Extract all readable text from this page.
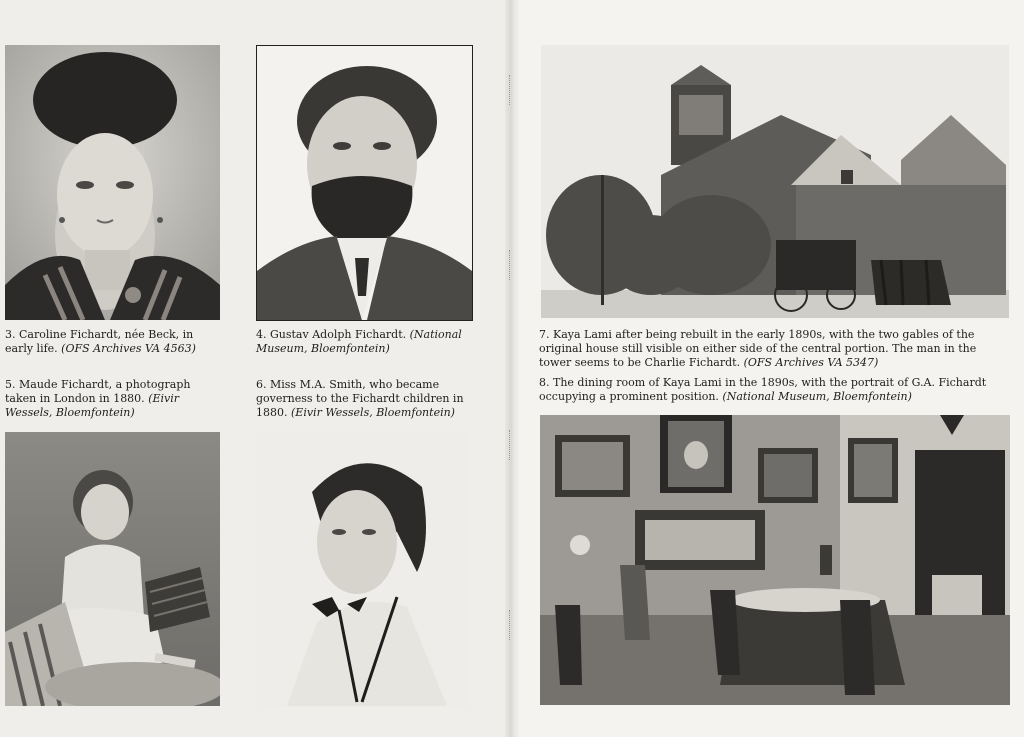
3. Caroline Fichardt, née Beck, in early life. (OFS Archives VA 4563)
4. Gustav Adolph Fichardt. (National Museum, Bloemfontein)
5. Maude Fichardt, a photograph taken in London in 1880. (Eivir Wessels, Bloemfontein)
6. Miss M.A. Smith, who became governess to the Fichardt children in 1880. (Eivir Wessels, Bloemfontein)
7. Kaya Lami after being rebuilt in the early 1890s, with the two gables of the original house still visible on either side of the central portion. The man in the tower seems to be Charlie Fichardt. (OFS Archives VA 5347)
8. The dining room of Kaya Lami in the 1890s, with the portrait of G.A. Fichardt occupying a prominent position. (National Museum, Bloemfontein)
